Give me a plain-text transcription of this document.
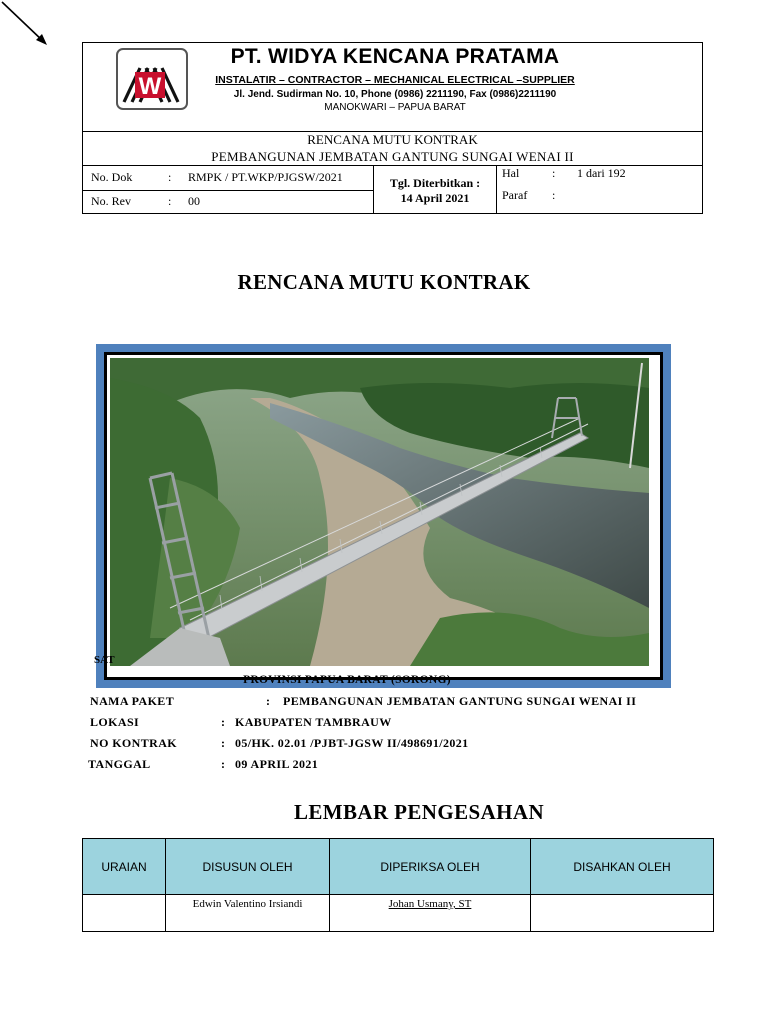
W
PT. WIDYA KENCANA PRATAMA
INSTALATIR – CONTRACTOR – MECHANICAL ELECTRICAL –SUPPLIER
Jl. Jend. Sudirman No. 10, Phone (0986) 2211190, Fax (0986)2211190
MANOKWARI – PAPUA BARAT
RENCANA MUTU KONTRAK
PEMBANGUNAN JEMBATAN GANTUNG SUNGAI WENAI II
No. Dok	: RMPK / PT.WKP/PJGSW/2021
No. Rev	: 00
Tgl. Diterbitkan :
14 April 2021
Hal	: 1 dari 192
Paraf :
RENCANA MUTU KONTRAK
SAT
PROVINSI PAPUA BARAT (SORONG)
NAMA PAKET	: PEMBANGUNAN JEMBATAN GANTUNG SUNGAI WENAI II
LOKASI	: KABUPATEN TAMBRAUW
NO KONTRAK	: 05/HK. 02.01 /PJBT-JGSW II/498691/2021
TANGGAL	: 09 APRIL 2021
LEMBAR PENGESAHAN
URAIAN	DISUSUN OLEH	DIPERIKSA OLEH	DISAHKAN OLEH
	Edwin Valentino Irsiandi	Johan Usmany, ST	
